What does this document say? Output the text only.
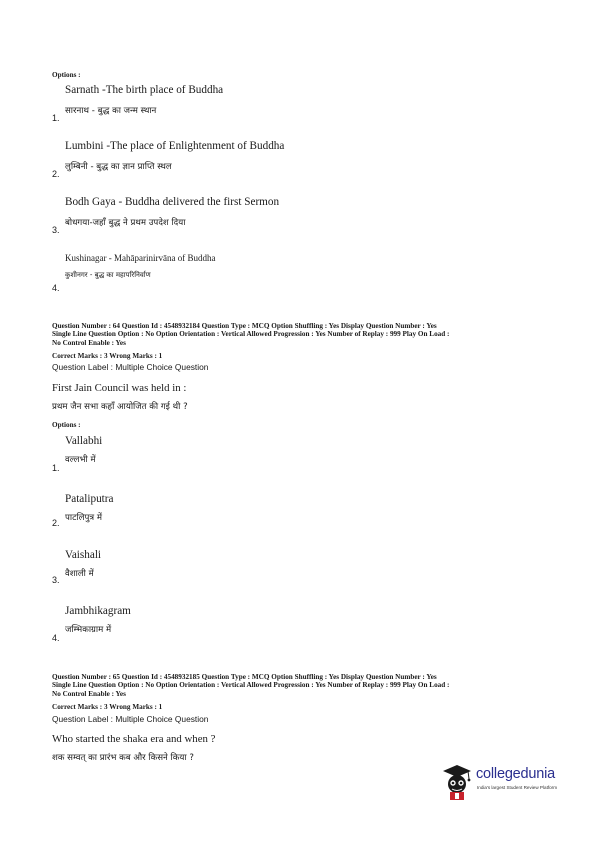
Options :
Sarnath -The birth place of Buddha
सारनाथ - बुद्ध का जन्म स्थान
1.
Lumbini -The place of Enlightenment of Buddha
लुम्बिनी - बुद्ध का ज्ञान प्राप्ति स्थल
2.
Bodh Gaya - Buddha delivered the first Sermon
बोधगया-जहाँ बुद्ध ने प्रथम उपदेश दिया
3.
Kushinagar - Mahāparinirvāna of Buddha
कुशीनगर - बुद्ध का महापरिनिर्वाण
4.
Question Number : 64 Question Id : 4548932184 Question Type : MCQ Option Shuffling : Yes Display Question Number : Yes
Single Line Question Option : No Option Orientation : Vertical Allowed Progression : Yes Number of Replay : 999 Play On Load :
No Control Enable : Yes
Correct Marks : 3 Wrong Marks : 1
Question Label : Multiple Choice Question
First Jain Council was held in :
प्रथम जैन सभा कहाँ आयोजित की गई थी ?
Options :
Vallabhi
वल्लभी में
1.
Pataliputra
पाटलिपुत्र में
2.
Vaishali
वैशाली में
3.
Jambhikagram
जम्भिकाग्राम में
4.
Question Number : 65 Question Id : 4548932185 Question Type : MCQ Option Shuffling : Yes Display Question Number : Yes
Single Line Question Option : No Option Orientation : Vertical Allowed Progression : Yes Number of Replay : 999 Play On Load :
No Control Enable : Yes
Correct Marks : 3 Wrong Marks : 1
Question Label : Multiple Choice Question
Who started the shaka era and when ?
शक सम्वत् का प्रारंभ कब और किसने किया ?
collegedunia
India's largest Student Review Platform
